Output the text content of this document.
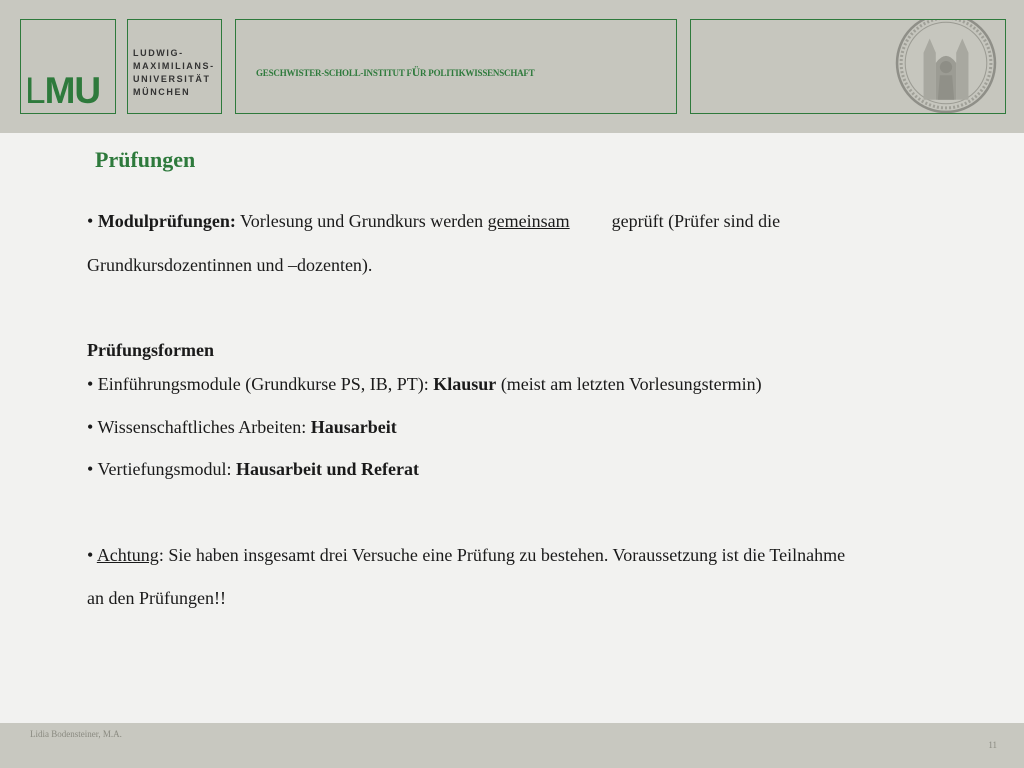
LMU
LUDWIG-
MAXIMILIANS-
UNIVERSITÄT
MÜNCHEN
GESCHWISTER-SCHOLL-INSTITUT FÜR POLITIKWISSENSCHAFT
Prüfungen
• Modulprüfungen: Vorlesung und Grundkurs werden gemeinsam geprüft (Prüfer sind die
Grundkursdozentinnen und –dozenten).
Prüfungsformen
• Einführungsmodule (Grundkurse PS, IB, PT): Klausur (meist am letzten Vorlesungstermin)
• Wissenschaftliches Arbeiten: Hausarbeit
• Vertiefungsmodul: Hausarbeit und Referat
• Achtung: Sie haben insgesamt drei Versuche eine Prüfung zu bestehen. Voraussetzung ist die Teilnahme
an den Prüfungen!!
Lidia Bodensteiner, M.A.
11
